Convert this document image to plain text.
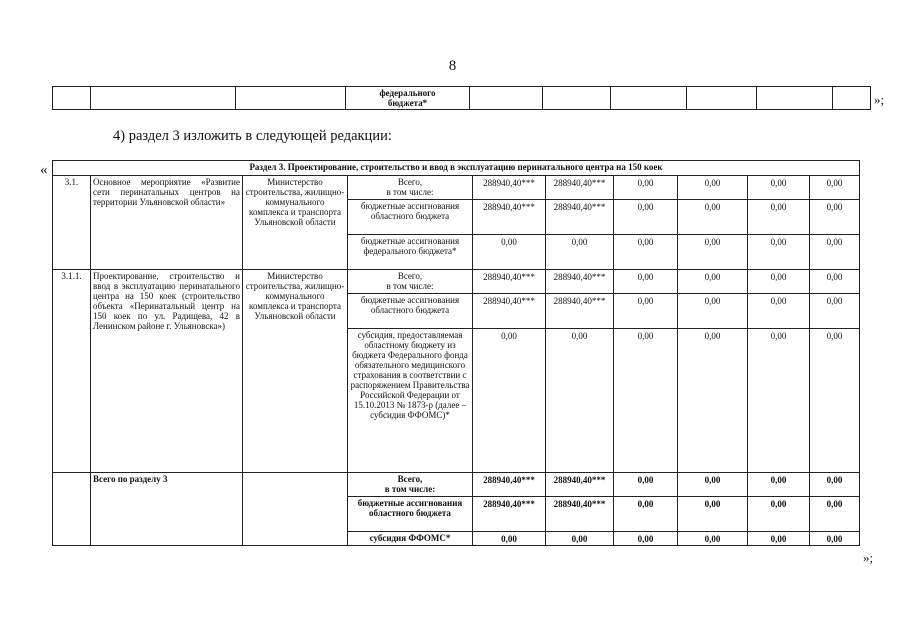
8
			федерального
бюджета*							»;
4) раздел 3 изложить в следующей редакции:
«	Раздел 3. Проектирование, строительство и ввод в эксплуатацию перинатального центра на 150 коек									
3.1.	Основное мероприятие «Развитие сети перинатальных центров на территории Ульяновской области»	Министерство строительства, жилищно-коммунального комплекса и транспорта Ульяновской области	Всего,
в том числе:	288940,40***	288940,40***	0,00	0,00	0,00	0,00
			бюджетные ассигнования областного бюджета	288940,40***	288940,40***	0,00	0,00	0,00	0,00
			бюджетные ассигнования федерального бюджета*	0,00	0,00	0,00	0,00	0,00	0,00
3.1.1.	Проектирование, строительство и ввод в эксплуатацию перинатального центра на 150 коек (строительство объекта «Перинатальный центр на 150 коек по ул. Радищева, 42 в Ленинском районе г. Ульяновска»)	Министерство строительства, жилищно-коммунального комплекса и транспорта Ульяновской области	Всего,
в том числе:	288940,40***	288940,40***	0,00	0,00	0,00	0,00
			бюджетные ассигнования областного бюджета	288940,40***	288940,40***	0,00	0,00	0,00	0,00
			субсидия, предоставляемая областному бюджету из бюджета Федерального фонда обязательного медицинского страхования в соответствии с распоряжением Правительства Российской Федерации от 15.10.2013 № 1873-р (далее – субсидия ФФОМС)*	0,00	0,00	0,00	0,00	0,00	0,00
	Всего по разделу 3		Всего,
в том числе:	288940,40***	288940,40***	0,00	0,00	0,00	0,00
			бюджетные ассигнования областного бюджета	288940,40***	288940,40***	0,00	0,00	0,00	0,00
			субсидия ФФОМС*	0,00	0,00	0,00	0,00	0,00	0,00
»;
